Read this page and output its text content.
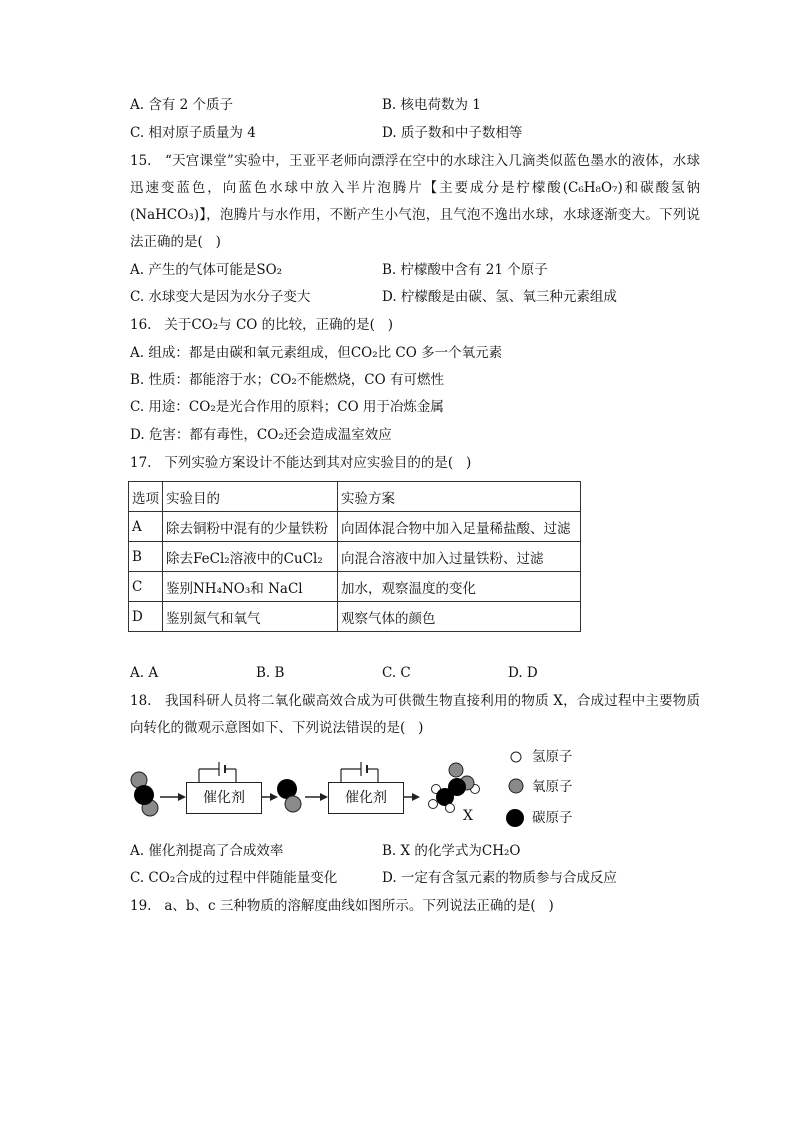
A. 含有 2 个质子	B. 核电荷数为 1
C. 相对原子质量为 4	D. 质子数和中子数相等
15.   “天宫课堂”实验中，王亚平老师向漂浮在空中的水球注入几滴类似蓝色墨水的液体，水球迅速变蓝色，向蓝色水球中放入半片泡腾片【主要成分是柠檬酸(C₆H₈O₇)和碳酸氢钠(NaHCO₃)】，泡腾片与水作用，不断产生小气泡，且气泡不逸出水球，水球逐渐变大。下列说法正确的是(   )
A. 产生的气体可能是SO₂	B. 柠檬酸中含有 21 个原子
C. 水球变大是因为水分子变大	D. 柠檬酸是由碳、氢、氧三种元素组成
16.   关于CO₂与 CO 的比较，正确的是(   )
A. 组成：都是由碳和氧元素组成，但CO₂比 CO 多一个氧元素
B. 性质：都能溶于水；CO₂不能燃烧，CO 有可燃性
C. 用途：CO₂是光合作用的原料；CO 用于冶炼金属
D. 危害：都有毒性，CO₂还会造成温室效应
17.   下列实验方案设计不能达到其对应实验目的的是(   )
选项	实验目的	实验方案
A	除去铜粉中混有的少量铁粉	向固体混合物中加入足量稀盐酸、过滤
B	除去FeCl₂溶液中的CuCl₂	向混合溶液中加入过量铁粉、过滤
C	鉴别NH₄NO₃和 NaCl	加水，观察温度的变化
D	鉴别氮气和氧气	观察气体的颜色
A. A	B. B	C. C	D. D
18.   我国科研人员将二氧化碳高效合成为可供微生物直接利用的物质 X，合成过程中主要物质向转化的微观示意图如下、下列说法错误的是(   )
催化剂	催化剂
X
氢原子
氧原子
碳原子
A. 催化剂提高了合成效率	B. X 的化学式为CH₂O
C. CO₂合成的过程中伴随能量变化	D. 一定有含氢元素的物质参与合成反应
19.   a、b、c 三种物质的溶解度曲线如图所示。下列说法正确的是(   )
